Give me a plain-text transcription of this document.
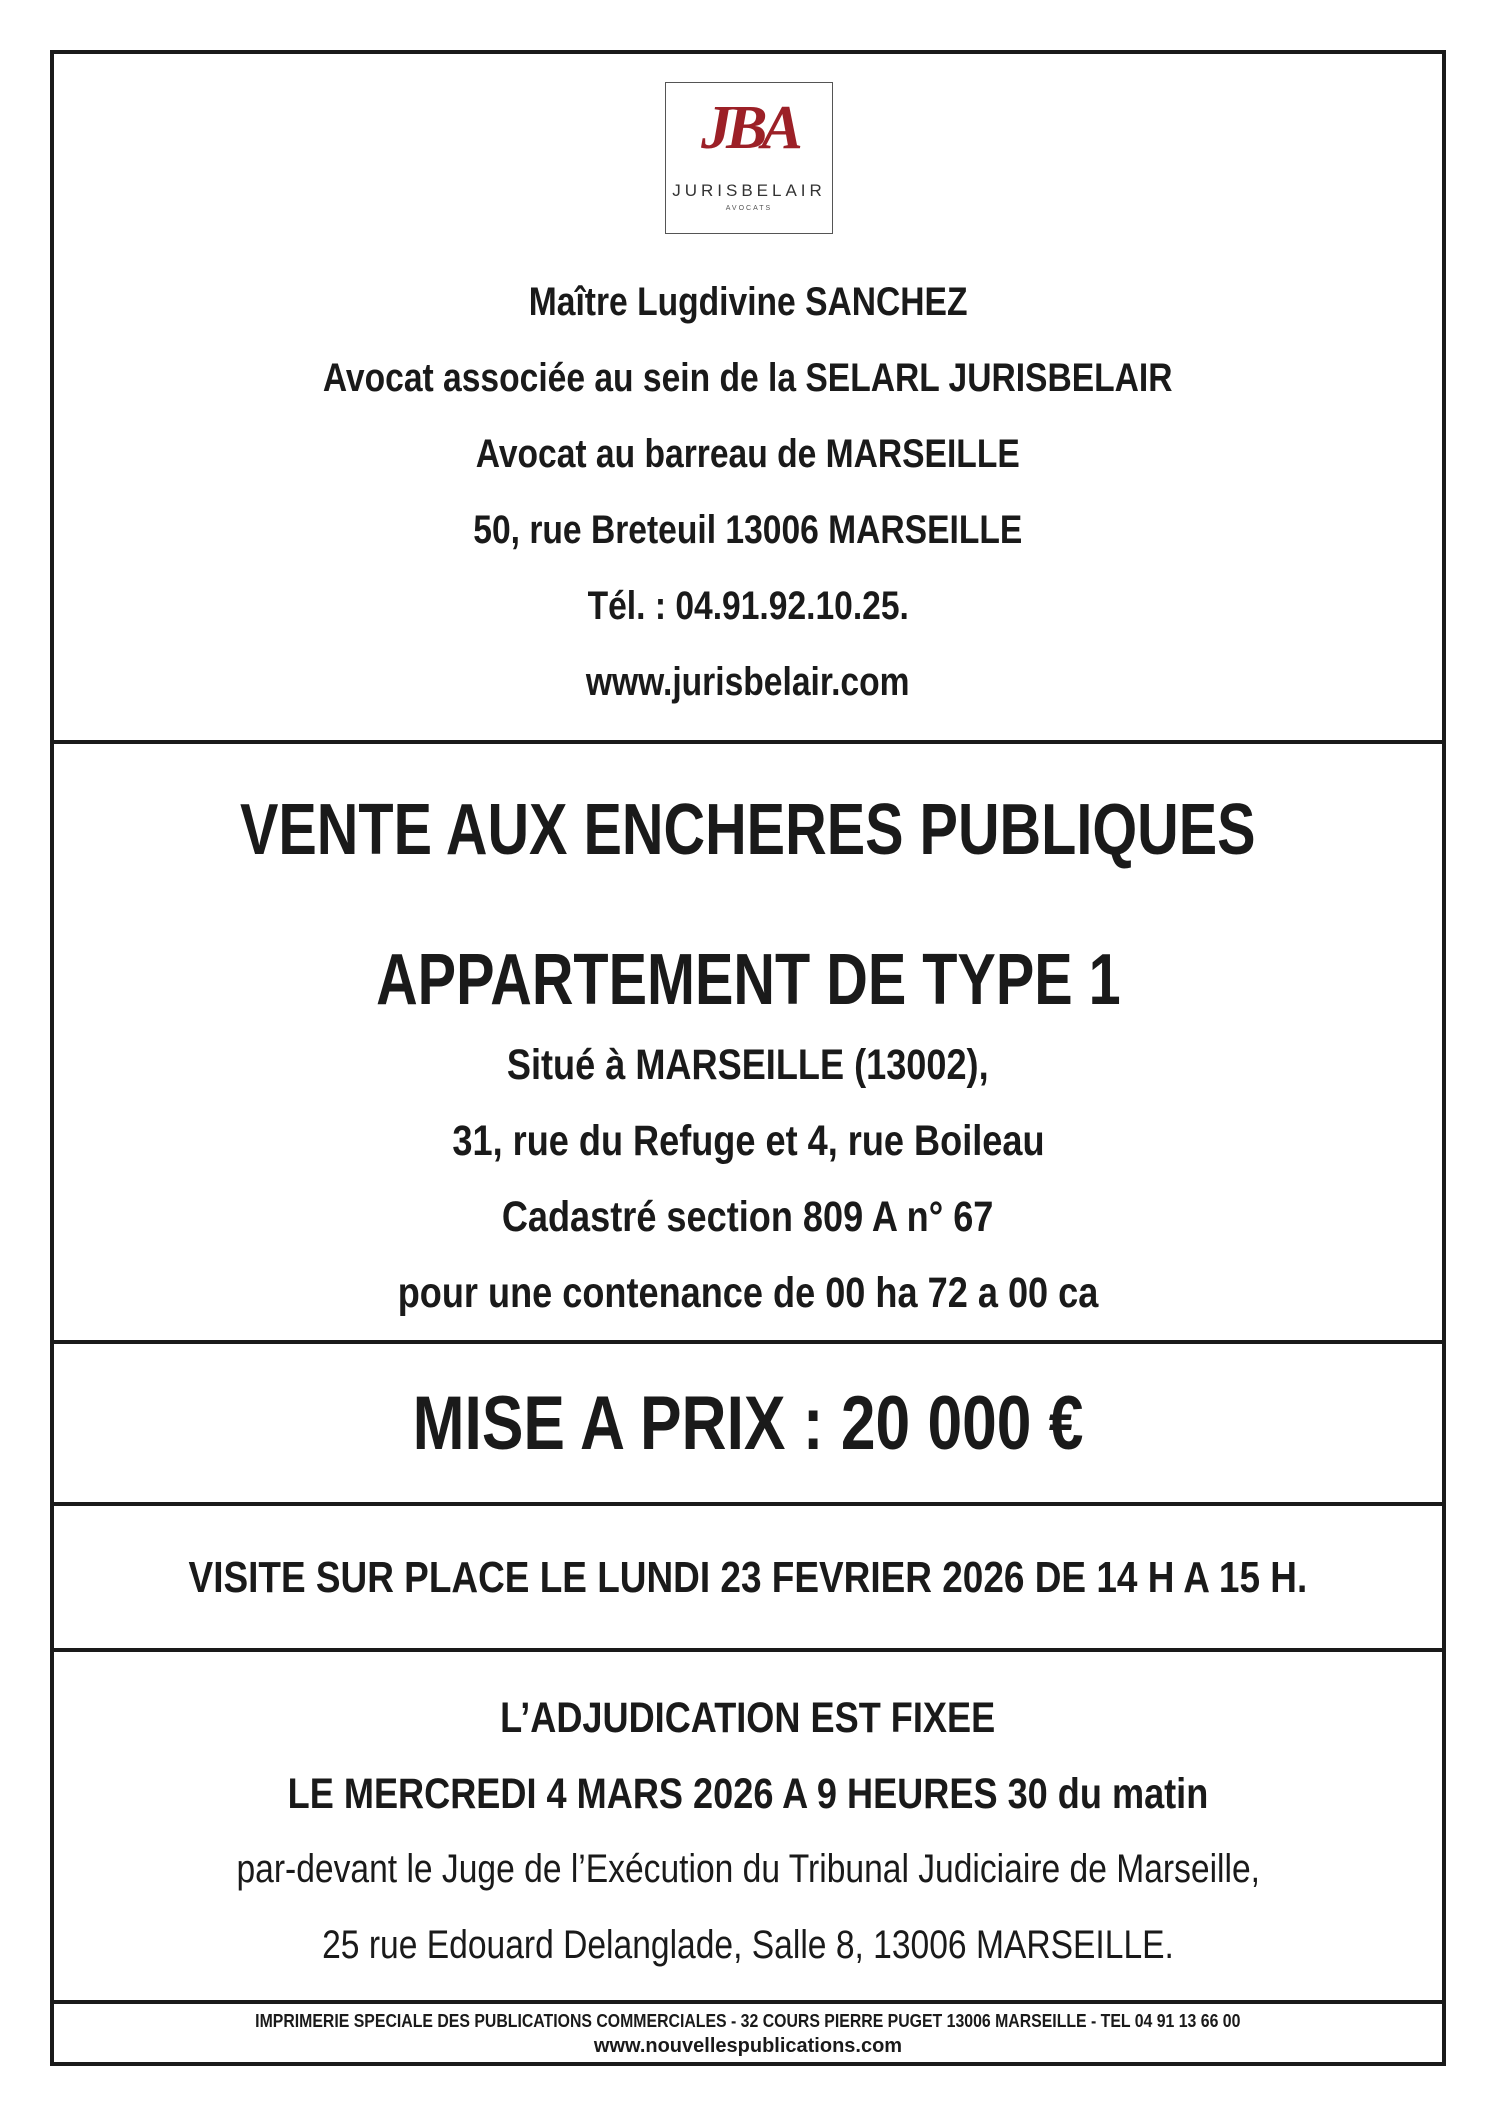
JBA
JURISBELAIR
AVOCATS
Maître Lugdivine SANCHEZ
Avocat associée au sein de la SELARL JURISBELAIR
Avocat au barreau de MARSEILLE
50, rue Breteuil 13006 MARSEILLE
Tél. : 04.91.92.10.25.
www.jurisbelair.com
VENTE AUX ENCHERES PUBLIQUES
APPARTEMENT DE TYPE 1
Situé à MARSEILLE (13002),
31, rue du Refuge et 4, rue Boileau
Cadastré section 809 A n° 67
pour une contenance de 00 ha 72 a 00 ca
MISE A PRIX : 20 000 €
VISITE SUR PLACE LE LUNDI 23 FEVRIER 2026 DE 14 H A 15 H.
L’ADJUDICATION EST FIXEE
LE MERCREDI 4 MARS 2026 A 9 HEURES 30 du matin
par-devant le Juge de l’Exécution du Tribunal Judiciaire de Marseille,
25 rue Edouard Delanglade, Salle 8, 13006 MARSEILLE.
IMPRIMERIE SPECIALE DES PUBLICATIONS COMMERCIALES - 32 COURS PIERRE PUGET 13006 MARSEILLE - TEL 04 91 13 66 00
www.nouvellespublications.com
